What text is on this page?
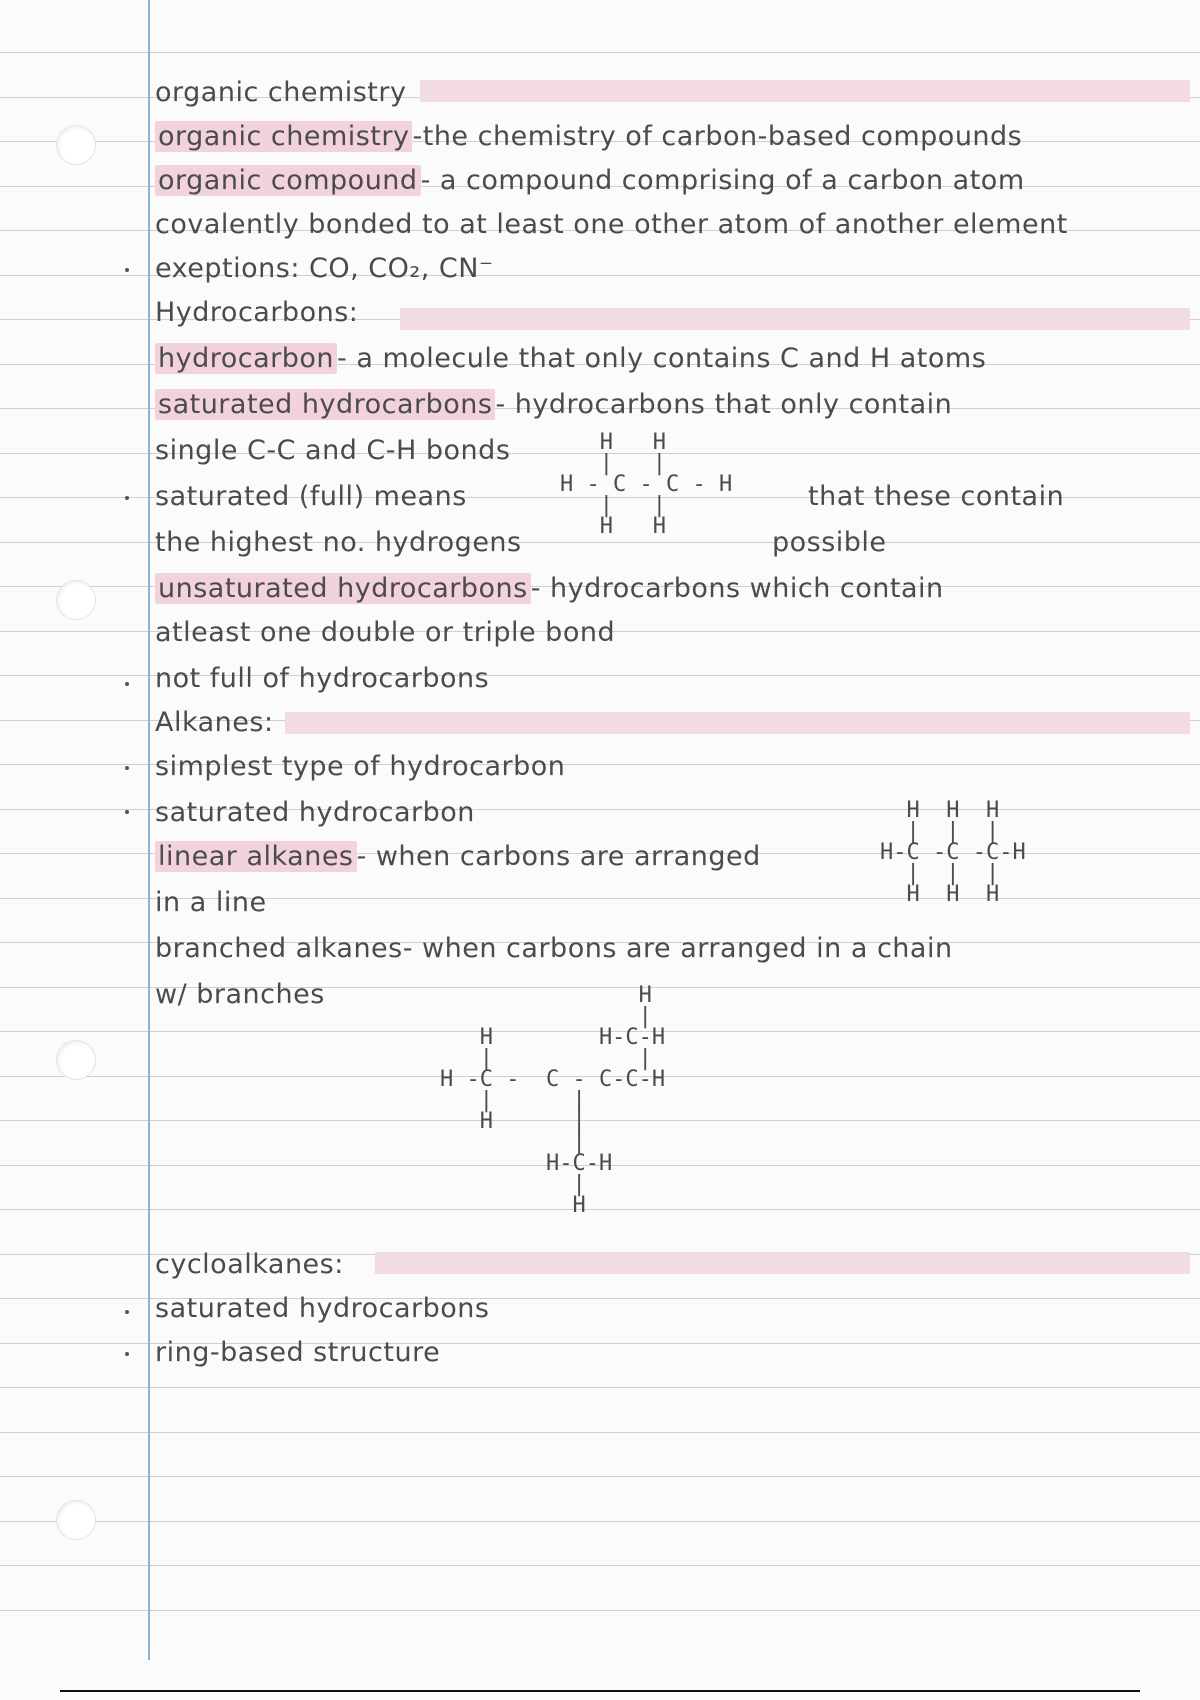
organic chemistry
organic chemistry -the chemistry of carbon-based compounds
organic compound - a compound comprising of a carbon atom
covalently bonded to at least one other atom of another element
exeptions: CO, CO₂, CN⁻
Hydrocarbons:
hydrocarbon - a molecule that only contains C and H atoms
saturated hydrocarbons - hydrocarbons that only contain
single C-C and C-H bonds
saturated (full) means	that these contain
the highest no. hydrogens	possible
H   H
|   |
H - C - C - H
|   |
H   H
unsaturated hydrocarbons - hydrocarbons which contain
atleast one double or triple bond
not full of hydrocarbons
Alkanes:
simplest type of hydrocarbon
saturated hydrocarbon
linear alkanes - when carbons are arranged
H  H  H
|  |  |
H-C -C -C-H
|  |  |
H  H  H
in a line
branched alkanes- when carbons are arranged in a chain
w/ branches	H
|
H        H-C-H
|           |
H -C -  C - C-C-H
|      |
H      |
|
H-C-H
|
H
cycloalkanes:
saturated hydrocarbons
ring-based structure
